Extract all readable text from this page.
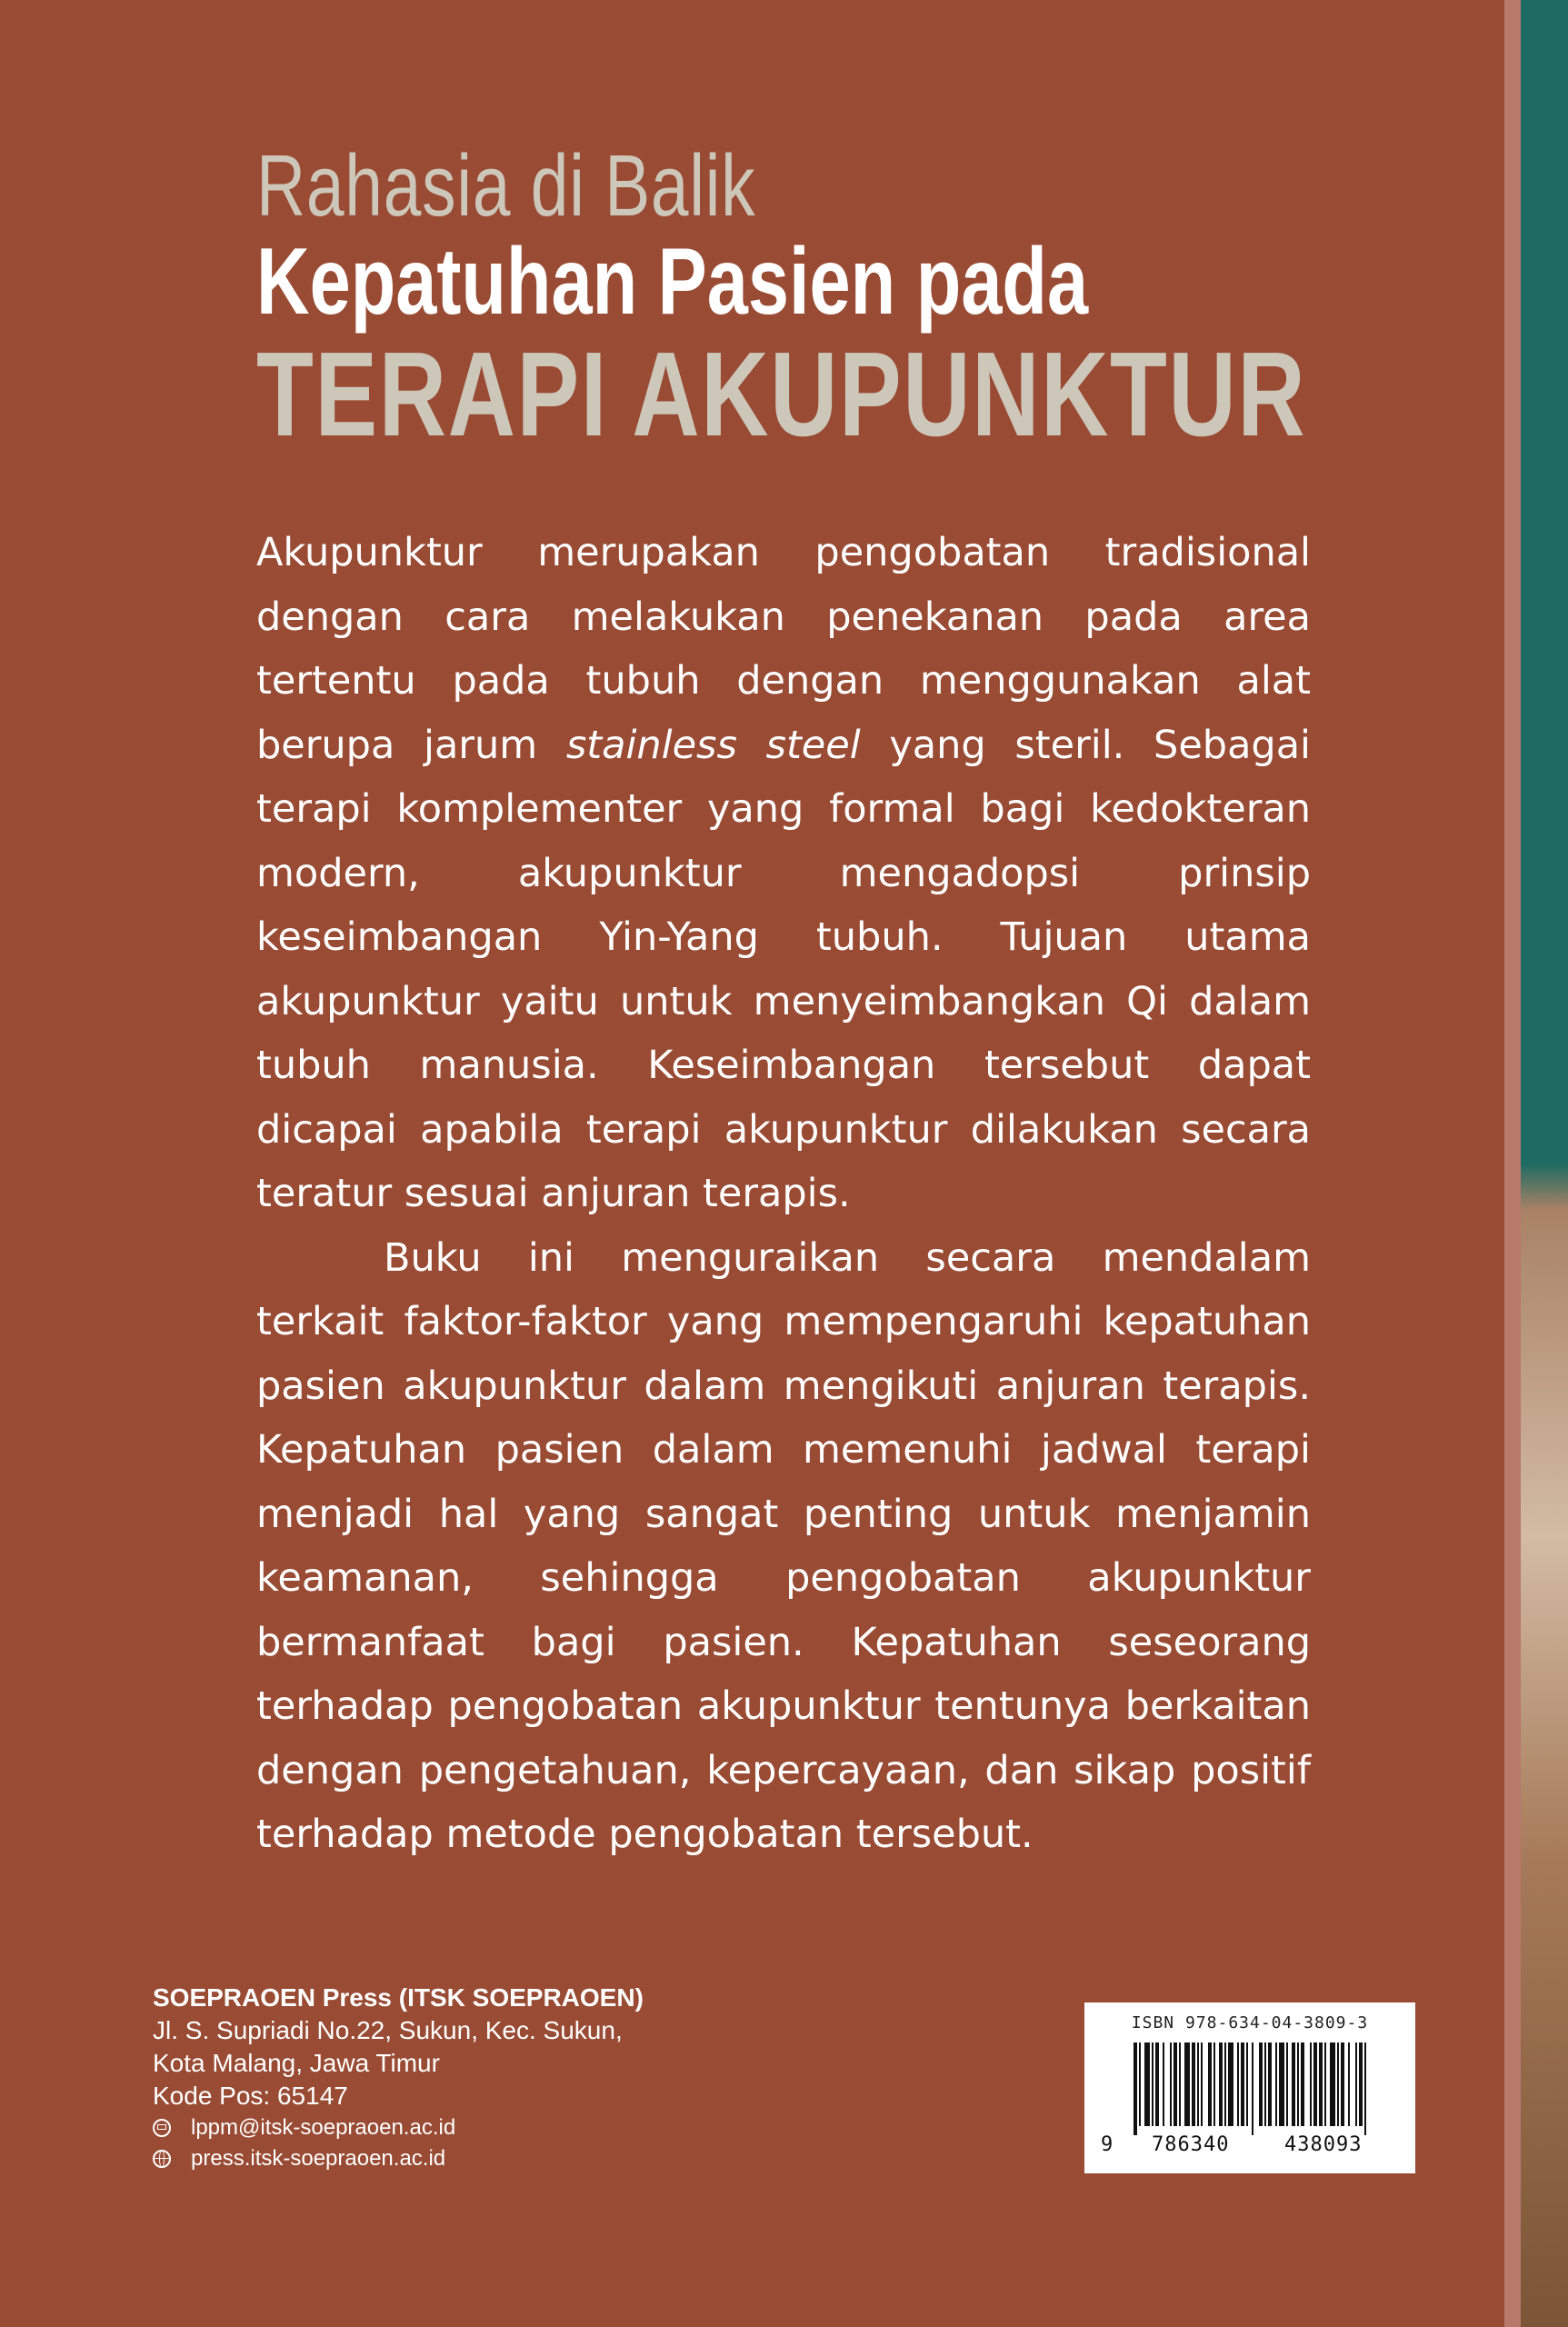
Rahasia di Balik
Kepatuhan Pasien pada
TERAPI AKUPUNKTUR

Akupunktur merupakan pengobatan tradisional dengan cara melakukan penekanan pada area tertentu pada tubuh dengan menggunakan alat berupa jarum stainless steel yang steril. Sebagai terapi komplementer yang formal bagi kedokteran modern, akupunktur mengadopsi prinsip keseimbangan Yin-Yang tubuh. Tujuan utama akupunktur yaitu untuk menyeimbangkan Qi dalam tubuh manusia. Keseimbangan tersebut dapat dicapai apabila terapi akupunktur dilakukan secara teratur sesuai anjuran terapis.

Buku ini menguraikan secara mendalam terkait faktor-faktor yang mempengaruhi kepatuhan pasien akupunktur dalam mengikuti anjuran terapis. Kepatuhan pasien dalam memenuhi jadwal terapi menjadi hal yang sangat penting untuk menjamin keamanan, sehingga pengobatan akupunktur bermanfaat bagi pasien. Kepatuhan seseorang terhadap pengobatan akupunktur tentunya berkaitan dengan pengetahuan, kepercayaan, dan sikap positif terhadap metode pengobatan tersebut.

SOEPRAOEN Press (ITSK SOEPRAOEN)
Jl. S. Supriadi No.22, Sukun, Kec. Sukun,
Kota Malang, Jawa Timur
Kode Pos: 65147
lppm@itsk-soepraoen.ac.id
press.itsk-soepraoen.ac.id
ISBN 978-634-04-3809-3
9 786340	438093
